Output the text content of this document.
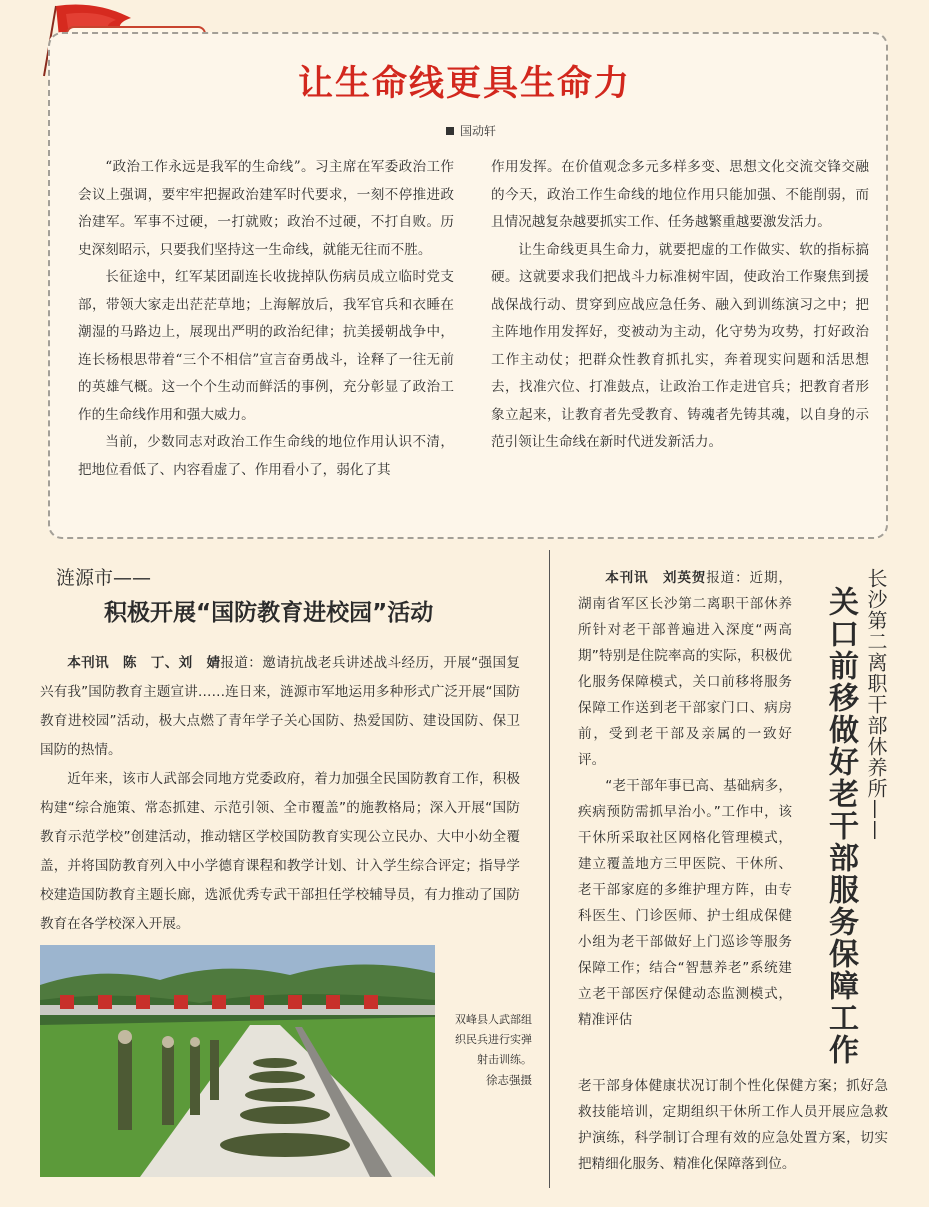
让生命线更具生命力
国动轩

“政治工作永远是我军的生命线”。习主席在军委政治工作会议上强调，要牢牢把握政治建军时代要求，一刻不停推进政治建军。军事不过硬，一打就败；政治不过硬，不打自败。历史深刻昭示，只要我们坚持这一生命线，就能无往而不胜。

长征途中，红军某团副连长收拢掉队伤病员成立临时党支部，带领大家走出茫茫草地；上海解放后，我军官兵和衣睡在潮湿的马路边上，展现出严明的政治纪律；抗美援朝战争中，连长杨根思带着“三个不相信”宣言奋勇战斗，诠释了一往无前的英雄气概。这一个个生动而鲜活的事例，充分彰显了政治工作的生命线作用和强大威力。

当前，少数同志对政治工作生命线的地位作用认识不清，把地位看低了、内容看虚了、作用看小了，弱化了其

作用发挥。在价值观念多元多样多变、思想文化交流交锋交融的今天，政治工作生命线的地位作用只能加强、不能削弱，而且情况越复杂越要抓实工作、任务越繁重越要激发活力。

让生命线更具生命力，就要把虚的工作做实、软的指标搞硬。这就要求我们把战斗力标准树牢固，使政治工作聚焦到援战保战行动、贯穿到应战应急任务、融入到训练演习之中；把主阵地作用发挥好，变被动为主动，化守势为攻势，打好政治工作主动仗；把群众性教育抓扎实，奔着现实问题和活思想去，找准穴位、打准鼓点，让政治工作走进官兵；把教育者形象立起来，让教育者先受教育、铸魂者先铸其魂，以自身的示范引领让生命线在新时代迸发新活力。

涟源市——
积极开展“国防教育进校园”活动

本刊讯　陈　丁、刘　婧报道：邀请抗战老兵讲述战斗经历，开展“强国复兴有我”国防教育主题宣讲……连日来，涟源市军地运用多种形式广泛开展“国防教育进校园”活动，极大点燃了青年学子关心国防、热爱国防、建设国防、保卫国防的热情。

近年来，该市人武部会同地方党委政府，着力加强全民国防教育工作，积极构建“综合施策、常态抓建、示范引领、全市覆盖”的施教格局；深入开展“国防教育示范学校”创建活动，推动辖区学校国防教育实现公立民办、大中小幼全覆盖，并将国防教育列入中小学德育课程和教学计划、计入学生综合评定；指导学校建造国防教育主题长廊，选派优秀专武干部担任学校辅导员，有力推动了国防教育在各学校深入开展。

双峰县人武部组织民兵进行实弹射击训练。
徐志强摄
长沙第二离职干部休养所——
关口前移做好老干部服务保障工作

本刊讯　刘英贺报道：近期，湖南省军区长沙第二离职干部休养所针对老干部普遍进入深度“两高期”特别是住院率高的实际，积极优化服务保障模式，关口前移将服务保障工作送到老干部家门口、病房前，受到老干部及亲属的一致好评。

“老干部年事已高、基础病多，疾病预防需抓早治小。”工作中，该干休所采取社区网格化管理模式，建立覆盖地方三甲医院、干休所、老干部家庭的多维护理方阵，由专科医生、门诊医师、护士组成保健小组为老干部做好上门巡诊等服务保障工作；结合“智慧养老”系统建立老干部医疗保健动态监测模式，精准评估

老干部身体健康状况订制个性化保健方案；抓好急救技能培训，定期组织干休所工作人员开展应急救护演练，科学制订合理有效的应急处置方案，切实把精细化服务、精准化保障落到位。
